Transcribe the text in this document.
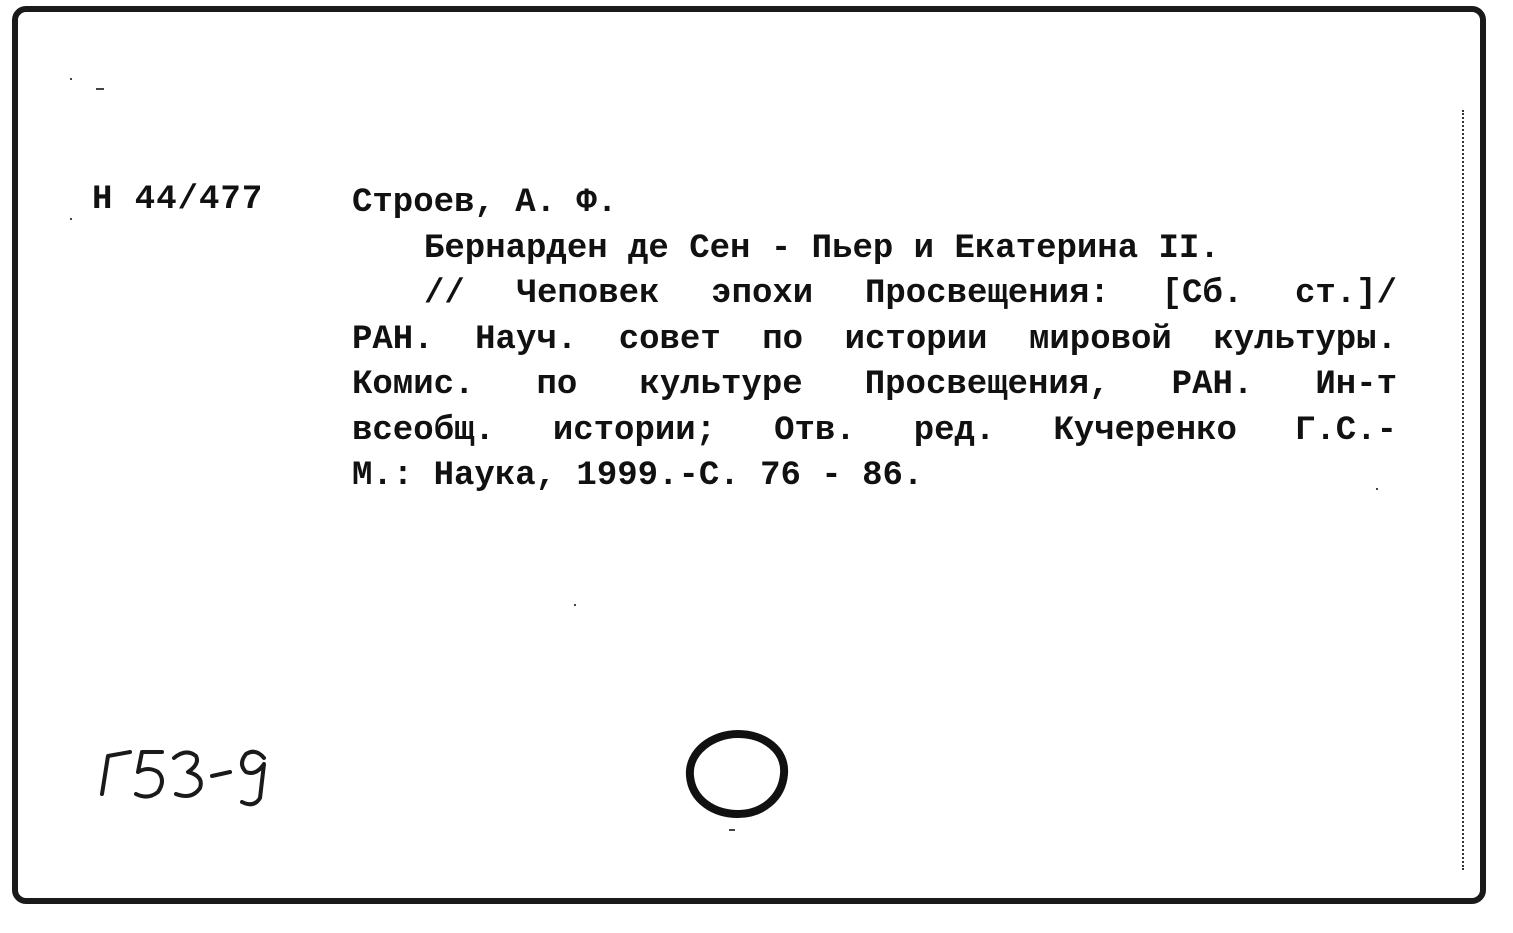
Н 44/477	Строев, А. Ф.
Бернарден де Сен - Пьер и Екатерина II.
// Чеповек эпохи Просвещения: [Сб. ст.]/
РАН. Науч. совет по истории мировой культуры.
Комис. по культуре Просвещения, РАН. Ин-т
всеобщ. истории; Отв. ред. Кучеренко Г.С.-
М.: Наука, 1999.-С. 76 - 86.
